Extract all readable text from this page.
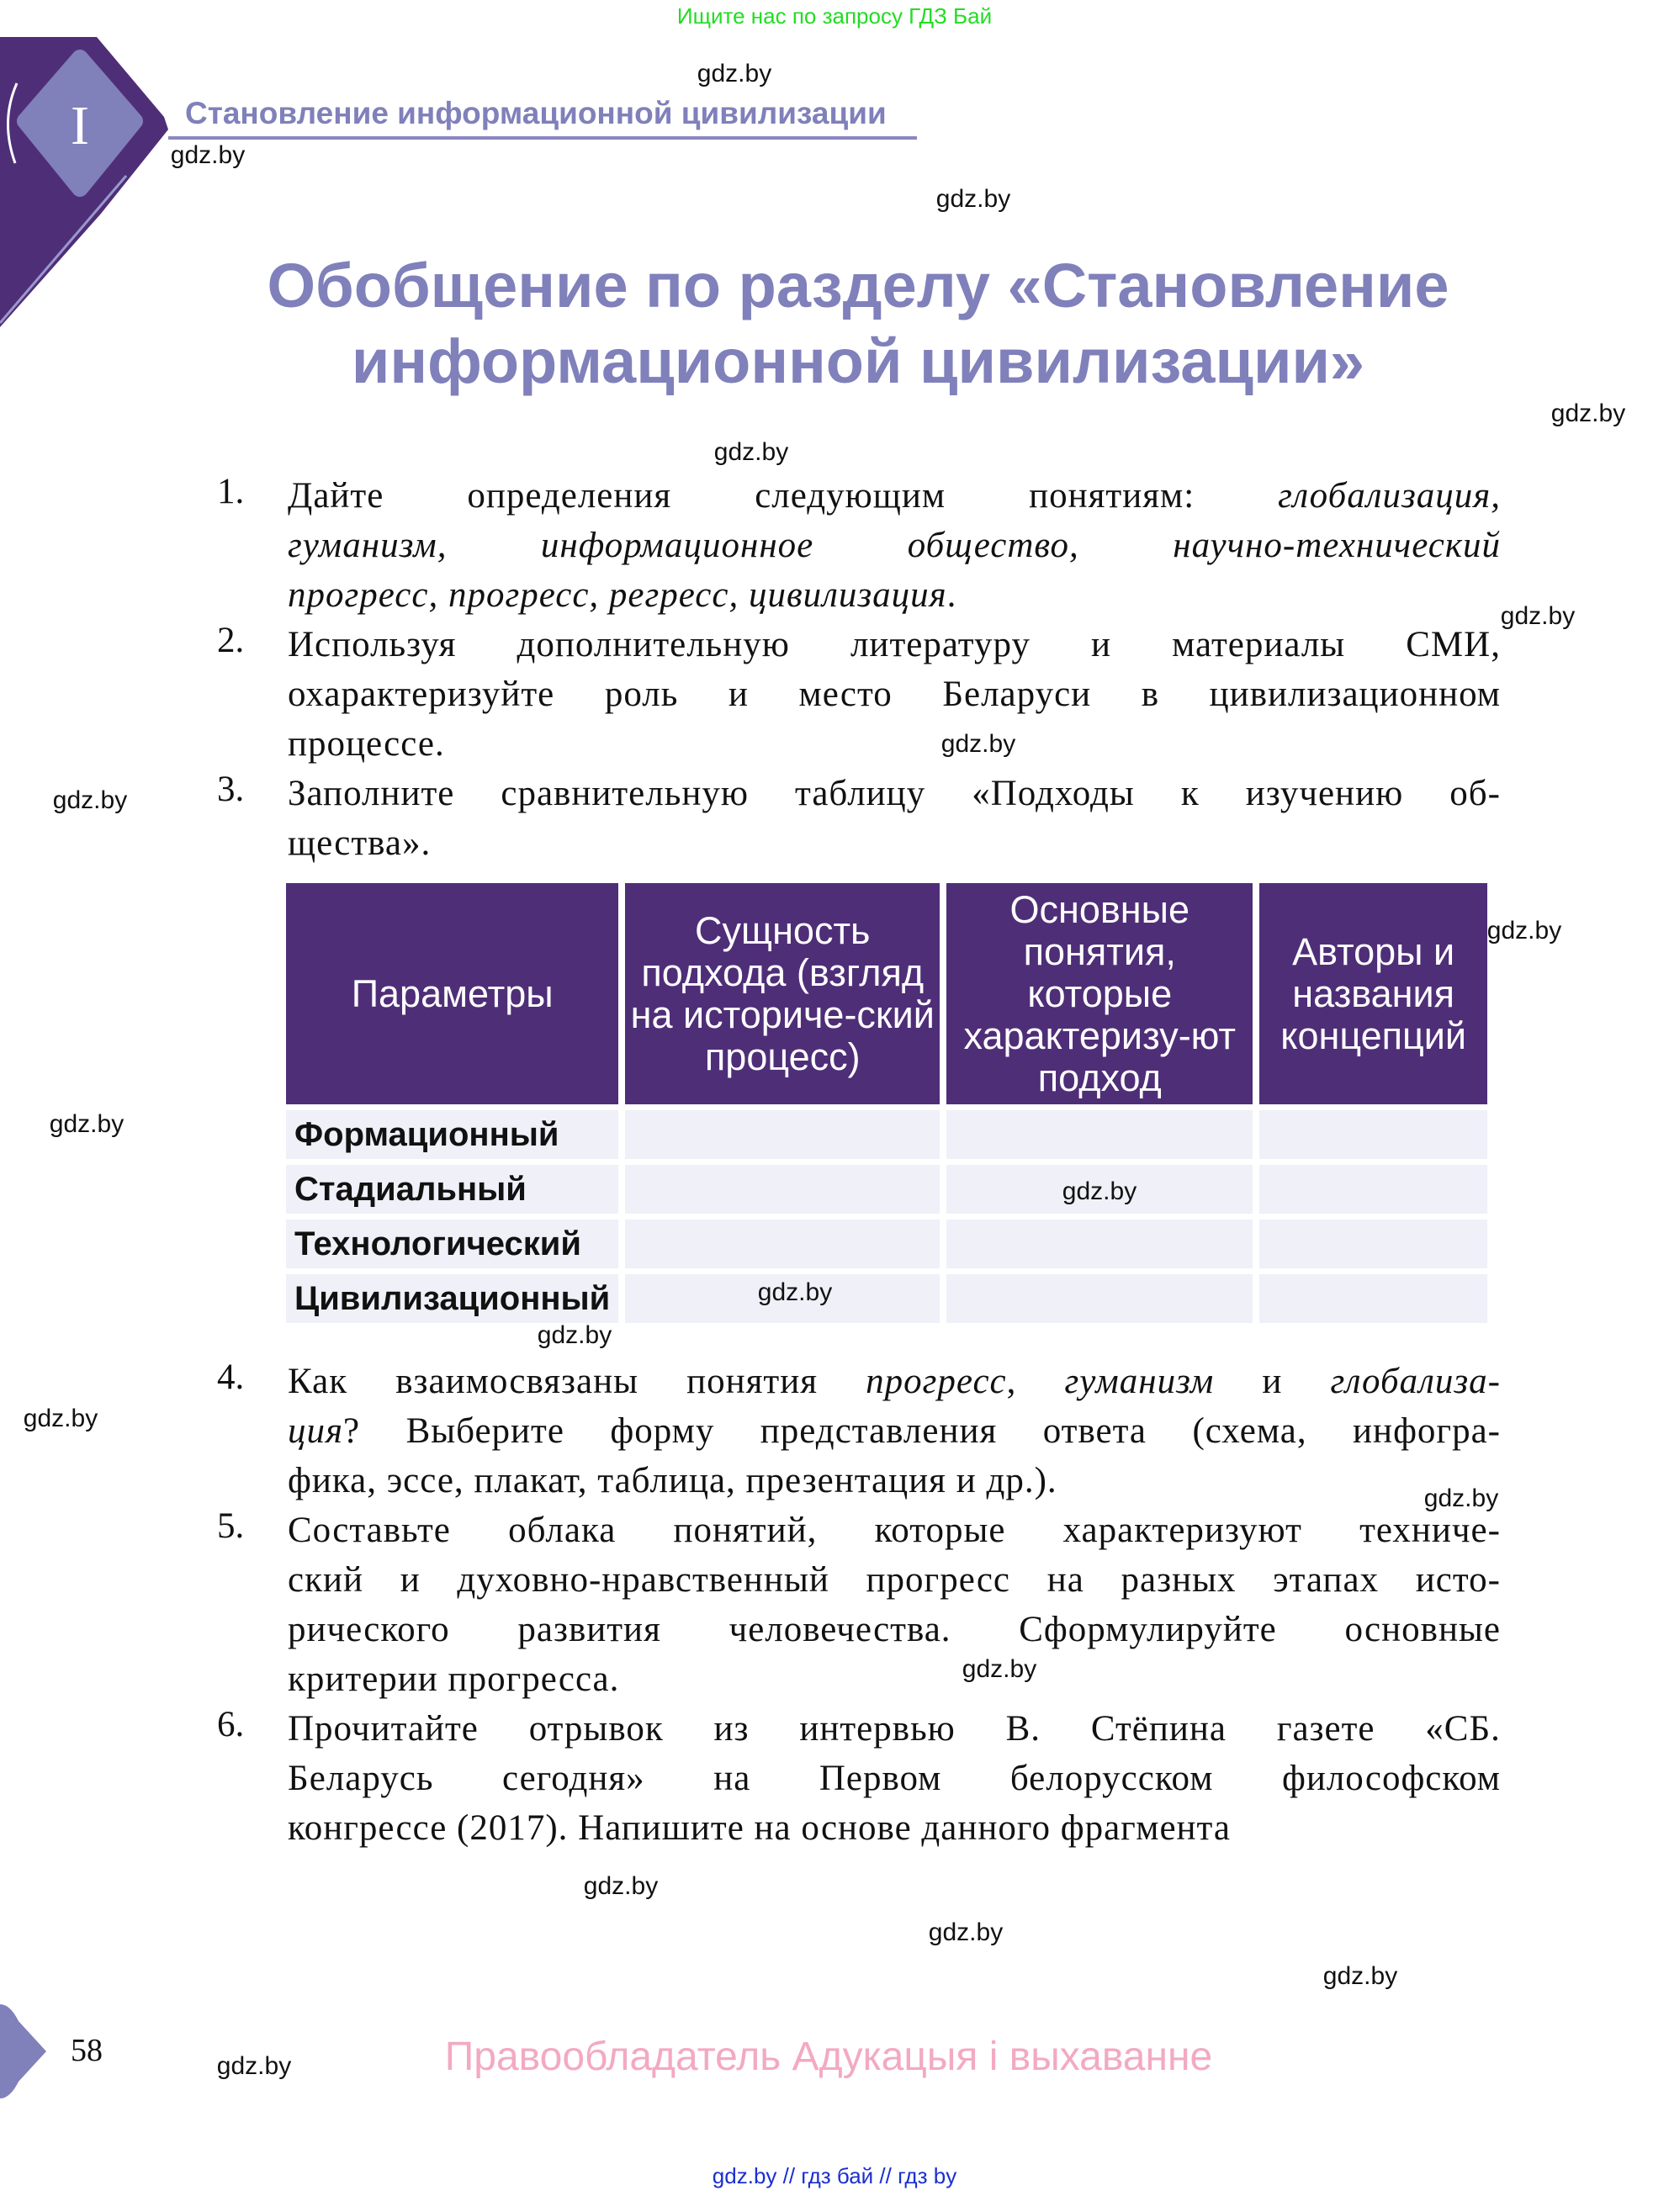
Ищите нас по запросу ГДЗ Бай
I	Становление информационной цивилизации
Обобщение по разделу «Становление
информационной цивилизации»
1. Дайте определения следующим понятиям: глобализация,
гуманизм,	информационное	общество,	научно-технический
прогресс, прогресс, регресс, цивилизация .
2. Используя дополнительную литературу и материалы СМИ,
охарактеризуйте роль и место Беларуси в цивилизационном
процессе.
3. Заполните сравнительную таблицу «Подходы к изучению об-
щества».
Параметры	Сущность подхода (взгляд на историче-ский процесс)	Основные понятия, которые характеризу-ют подход	Авторы и названия концепций
Формационный			
Стадиальный			
Технологический			
Цивилизационный			
4. Как взаимосвязаны понятия прогресс, гуманизм и глобализа-
ция? Выберите форму представления ответа (схема, инфогра-
фика, эссе, плакат, таблица, презентация и др.).
5. Составьте облака понятий, которые характеризуют техниче-
ский и духовно-нравственный прогресс на разных этапах исто-
рического развития человечества. Сформулируйте основные
критерии прогресса.
6. Прочитайте отрывок из интервью В. Стёпина газете «СБ.
Беларусь сегодня» на Первом белорусском философском
конгрессе (2017). Напишите на основе данного фрагмента
58	Правообладатель Адукацыя і выхаванне
gdz.by // гдз бай // гдз by
gdz.by
gdz.by
gdz.by
gdz.by
gdz.by
gdz.by
gdz.by
gdz.by
gdz.by
gdz.by
gdz.by
gdz.by
gdz.by
gdz.by
gdz.by
gdz.by
gdz.by
gdz.by
gdz.by
gdz.by
